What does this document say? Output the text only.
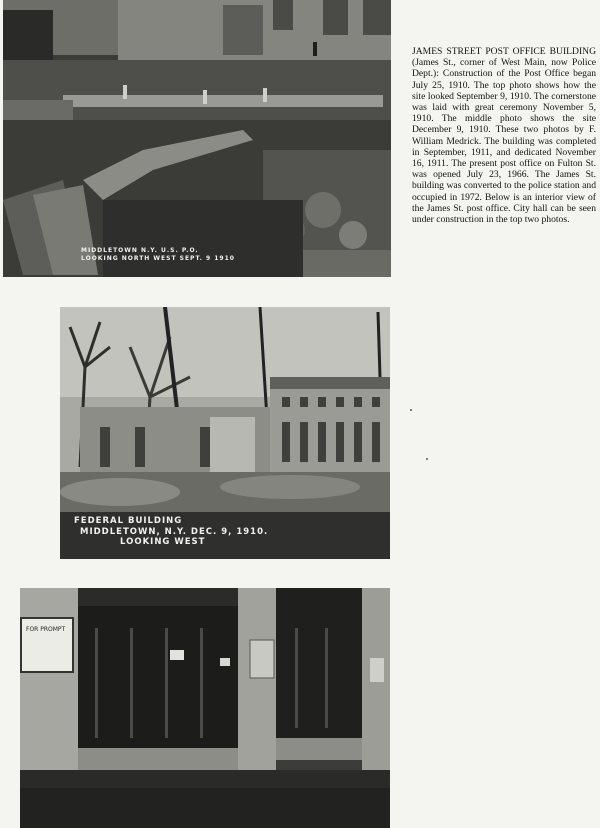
MIDDLETOWN N.Y. U.S. P.O.
LOOKING NORTH WEST SEPT. 9 1910
JAMES STREET POST OFFICE BUILDING (James St., corner of West Main, now Police Dept.): Construction of the Post Office began July 25, 1910. The top photo shows how the site looked September 9, 1910. The cornerstone was laid with great ceremony November 5, 1910. The middle photo shows the site December 9, 1910. These two photos by F. William Medrick. The building was completed in September, 1911, and dedicated November 16, 1911. The present post office on Fulton St. was opened July 23, 1966. The James St. building was converted to the police station and occupied in 1972. Below is an interior view of the James St. post office. City hall can be seen under construction in the top two photos.
FEDERAL BUILDING
MIDDLETOWN, N.Y. DEC. 9, 1910.
LOOKING WEST
FOR PROMPT
